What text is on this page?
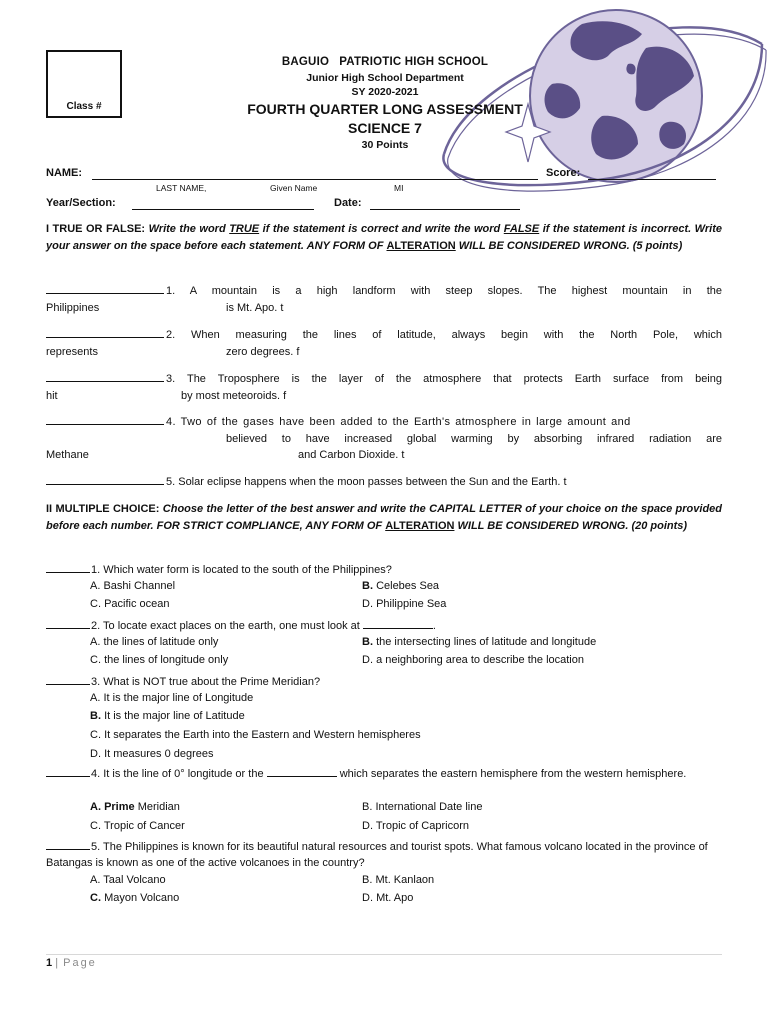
Class #
BAGUIO   PATRIOTIC HIGH SCHOOL
Junior High School Department
SY 2020-2021
FOURTH QUARTER LONG ASSESSMENT
SCIENCE 7
30 Points
NAME:	Score:
LAST NAME,	Given Name	MI
Year/Section:	Date:
I TRUE OR FALSE: Write the word TRUE if the statement is correct and write the word FALSE if the statement is incorrect. Write your answer on the space before each statement. ANY FORM OF ALTERATION WILL BE CONSIDERED WRONG. (5 points)
1. A mountain is a high landform with steep slopes. The highest mountain in the
Philippines	is Mt. Apo. t
2. When measuring the lines of latitude, always begin with the North Pole, which
represents	zero degrees. f
3. The Troposphere is the layer of the atmosphere that protects Earth surface from being
hit	by most meteoroids. f
4. Two of the gases have been added to the Earth's atmosphere in large amount and
believed to have increased global warming by absorbing infrared radiation are
Methane	and Carbon Dioxide. t
5. Solar eclipse happens when the moon passes between the Sun and the Earth. t
II MULTIPLE CHOICE: Choose the letter of the best answer and write the CAPITAL LETTER of your choice on the space provided before each number. FOR STRICT COMPLIANCE, ANY FORM OF ALTERATION WILL BE CONSIDERED WRONG. (20 points)
1. Which water form is located to the south of the Philippines?
A. Bashi Channel	B. Celebes Sea
C. Pacific ocean	D. Philippine Sea
2. To locate exact places on the earth, one must look at	.
A. the lines of latitude only	B. the intersecting lines of latitude and longitude
C. the lines of longitude only	D. a neighboring area to describe the location
3. What is NOT true about the Prime Meridian?
A. It is the major line of Longitude
B. It is the major line of Latitude
C. It separates the Earth into the Eastern and Western hemispheres
D. It measures 0 degrees
4. It is the line of 0° longitude or the	which separates the eastern hemisphere from the western hemisphere.
A. Prime Meridian	B. International Date line
C. Tropic of Cancer	D. Tropic of Capricorn
5. The Philippines is known for its beautiful natural resources and tourist spots. What famous volcano located in the province of Batangas is known as one of the active volcanoes in the country?
A. Taal Volcano	B. Mt. Kanlaon
C. Mayon Volcano	D. Mt. Apo
1 | Page
